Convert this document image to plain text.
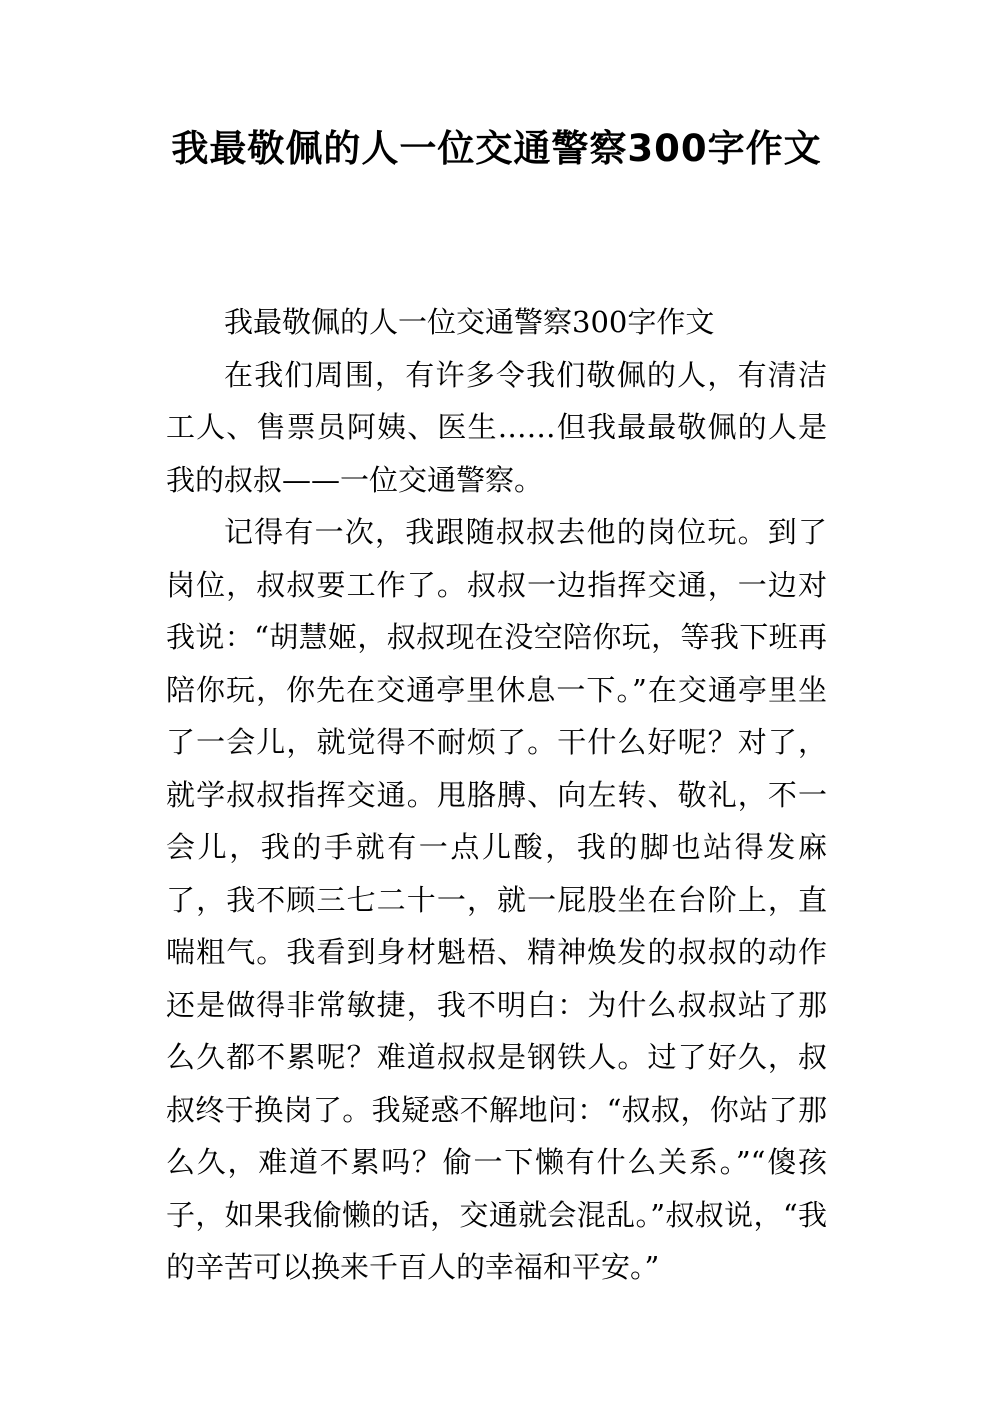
我最敬佩的人一位交通警察300字作文

我最敬佩的人一位交通警察300字作文

在我们周围，有许多令我们敬佩的人，有清洁工人、售票员阿姨、医生……但我最最敬佩的人是我的叔叔——一位交通警察。

记得有一次，我跟随叔叔去他的岗位玩。到了岗位，叔叔要工作了。叔叔一边指挥交通，一边对我说：“胡慧姬，叔叔现在没空陪你玩，等我下班再陪你玩，你先在交通亭里休息一下。”在交通亭里坐了一会儿，就觉得不耐烦了。干什么好呢？对了，就学叔叔指挥交通。甩胳膊、向左转、敬礼，不一会儿，我的手就有一点儿酸，我的脚也站得发麻了，我不顾三七二十一，就一屁股坐在台阶上，直喘粗气。我看到身材魁梧、精神焕发的叔叔的动作还是做得非常敏捷，我不明白：为什么叔叔站了那么久都不累呢？难道叔叔是钢铁人。过了好久，叔叔终于换岗了。我疑惑不解地问：“叔叔，你站了那么久，难道不累吗？偷一下懒有什么关系。”“傻孩子，如果我偷懒的话，交通就会混乱。”叔叔说，“我的辛苦可以换来千百人的幸福和平安。”
